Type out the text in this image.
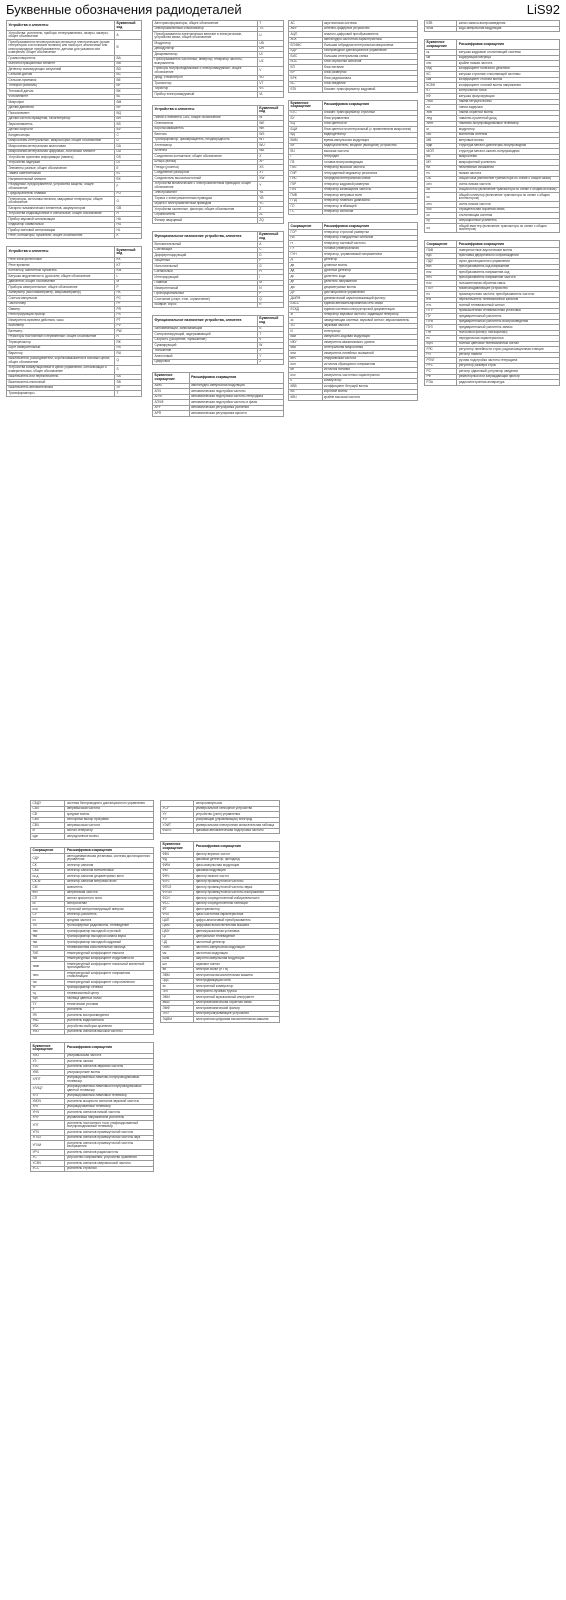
Буквенные обозначения радиодеталей	LiS92
Устройства и элементы	Буквенный код
Устройства: усилители, приборы телеуправления, лазеры, мазеры; общее обозначение	A
Преобразователи неэлектрических величин в электрические (кроме генераторов и источников питания) или наоборот, аналоговые или многоразрядные преобразователи, датчики для указания или измерения; общее обозначение	B
Громкоговоритель	BA
Магнитострикционный элемент	BB
Детектор ионизирующих излучений	BD
Сельсин-датчик	BC
Сельсин-приемник	BE
Телефон (капсюль)	BF
Тепловой датчик	BK
Фотоэлемент	BL
Микрофон	BM
Датчик давления	BP
Пьезоэлемент	BQ
Датчик частоты вращения, тахогенератор	BR
Звукосниматель	BS
Датчик скорости	BV
Конденсаторы	C
Микросхемы интегральные, микросборки; общее обозначение	D
Микросхема интегральная аналоговая	DA
Микросхема интегральная цифровая, логический элемент	DD
Устройство хранения информации (память)	DS
Устройство задержки	DT
Элементы разные; общее обозначение	E
Лампа осветительная	EL
Нагревательный элемент	EK
Разрядники, предохранители, устройства защиты; общее обозначение	F
Предохранитель плавкий	FU
Генераторы, источники питания, кварцевые генераторы; общее обозначение	G
Батарея гальванических элементов, аккумуляторов	GB
Устройства индикационные и сигнальные; общее обозначение	H
Прибор звуковой сигнализации	HA
Индикатор символьный	HG
Прибор световой сигнализации	HL
Реле, контакторы, пускатели; общее обозначение	K
Устройства и элементы	Буквенный код
Реле электротепловое	KK
Реле времени	KT
Контактор, магнитный пускатель	KM
Катушки индуктивности, дроссели; общее обозначение	L
Двигатели; общее обозначение	M
Приборы измерительные; общее обозначение	P
Амперметр (миллиамперметр, микроамперметр)	PA
Счетчик импульсов	PC
Частотомер	PF
Омметр	PR
Регистрирующий прибор	PS
Измеритель времени действия, часы	PT
Вольтметр	PV
Ваттметр	PW
Резисторы постоянные и переменные; общее обозначение	R
Терморезистор	RK
Шунт измерительный	RS
Варистор	RU
Выключатели, разъединители, короткозамыкатели в силовых цепях; общее обозначение	Q
Устройства коммутационные в цепях управления, сигнализации и измерительных; общее обозначение	S
Выключатель или переключатель	SA
Выключатель кнопочный	SB
Выключатель автоматический	SF
Трансформаторы	T
Автотрансформаторы; общее обозначение	T
Электромагнитный стабилизатор	TS
Преобразователи электрических величин в электрические, устройства связи; общее обозначение	U
Модулятор	UB
Демодулятор	UR
Дискриминатор	UI
Преобразователь частотный, инвертор, генератор частоты, выпрямитель	UZ
Приборы полупроводниковые и электровакуумные; общее обозначение	V
Диод, стабилитрон	VD
Транзистор	VT
Тиристор	VS
Прибор электровакуумный	VL
Устройства и элементы	Буквенный код
Линии и элементы СВЧ; общее обозначение	W
Ответвитель	WE
Короткозамыкатель	WK
Вентиль	WS
Трансформатор, фазовращатель, неоднородность	WT
Аттенюатор	WU
Антенна	WA
Соединения контактные; общее обозначение	X
Штырь (вилка)	XP
Гнездо (розетка)	XS
Соединение разборное	XT
Соединитель высокочастотный	XW
Устройства механические с электромагнитным приводом; общее обозначение	Y
Электромагнит	YA
Тормоз с электромагнитным приводом	YB
Муфта с электромагнитным приводом	YC
Устройства оконечные, фильтры; общее обозначение	Z
Ограничитель	ZL
Фильтр кварцевый	ZQ
Функциональное назначение устройства, элемента	Буквенный код
Вспомогательный	A
Считающий	C
Дифференцирующий	D
Защитный	F
Испытательный	G
Сигнальный	H
Интегрирующий	I
Главный	M
Измерительный	N
Пропорциональный	P
Состояние (старт, стоп, ограничение)	Q
Возврат, сброс	R
Функциональное назначение устройства, элемента	Буквенный код
Запоминающий, записывающий	S
Синхронизирующий, задерживающий	T
Скорость (ускорение, торможение)	V
Суммирующий	W
Умножение	X
Аналоговый	Y
Цифровой	Z
Буквенное сокращение	Расшифровка сокращения
АИМ	амплитудно-импульсная модуляция
АПЧ	автоматическая подстройка частоты
АПЧГ	автоматическая подстройка частоты гетеродина
АПЧФ	автоматическая подстройка частоты и фазы
АРУ	автоматическая регулировка усиления
АРЯ	автоматическая регулировка яркости
АС	акустическая система
АФУ	антенно-фидерное устройство
АЦП	аналого-цифровой преобразователь
АЧХ	амплитудно-частотная характеристика
БГИМС	большая гибридная интегральная микросхема
БДУ	беспроводное дистанционное управление
БИС	большая интегральная схема
БОС	блок обработки сигналов
БП	блок питания
БР	блок развертки
БРК	блок радиоканала
БС	блок сведения
БТК	блокинг-трансформатор кадровый
Буквенное сокращение	Расшифровка сокращения
БТС	блокинг-трансформатор строчный
БУ	блок управления
БЦ	блок цветности
БЦИ	блок цветности интегральный (с применением микросхем)
ВД	видеодетектор
ВИМ	время-импульсная модуляция
ВУ	видеоусилитель; входное (выходное) устройство
ВЧ	высокая частота
Г	гетеродин
ГВ	головка воспроизводящая
ГВЧ	генератор высокой частоты
ГИР	гетеродинный индикатор резонанса
ГИС	гибридная интегральная схема
ГКР	генератор кадровой развертки
ГКЧ	генератор качающейся частоты
ГМВ	генератор метровых волн
ГПД	генератор плавного диапазона
ГО	генератор огибающей
ГС	генератор сигналов
Сокращение	Расшифровка сокращения
ГСР	генератор строчной развертки
гсс	генератор стандартных сигналов
гт	генератор тактовой частоты
ГУ	головка универсальная
ГУН	генератор, управляемый напряжением
Д	детектор
дв	длинные волны
дд	дробный детектор
дк	делитель кода
дн	делитель напряжения
дм	дециметровые волны
ДУ	дистанционное управление
ДШПФ	динамический шумопонижающий фильтр
ЕАСС	единая автоматизированная сеть связи
ЕСКД	единая система конструкторской документации
зг	генератор звуковой частоты; задающий генератор
зс	замедляющая система; звуковой сигнал; звукосниматель
ЗЧ	звуковая частота
И	интегратор
икм	импульсно-кодовая модуляция
ИКУ	измеритель квазипикового уровня
имс	интегральная микросхема
ини	измеритель линейных искажений
инч	инфранизкая частота
ион	источник образцового напряжения
ип	источник питания
ичх	измеритель частотных характеристик
к	коммутатор
КВВ	коэффициент бегущей волны
КВ	короткие волны
КВЧ	крайне высокая частота
КЗВ	канал записи-воспроизведения
КИМ	кодо-импульсная модуляция
Буквенное сокращение	Расшифровка сокращения
кк	катушки кадровые отклоняющей системы
км	кодирующая матрица
кнч	крайне низкая частота
кпд	коэффициент полезного действия
КС	катушки строчные отклоняющей системы
ксв	коэффициент стоячей волны
КСВН	коэффициент стоячей волны напряжения
КТ	контрольная точка
КФ	катушка фокусирующая
ЛБВ	лампа бегущей волны
лз	линия задержки
лов	лампа обратной волны
лпд	лавинно-пролетный диод
лппт	лампово-полупроводниковый телевизор
м	модулятор
MA	магнитная антенна
MB	метровые волны
мдп	структура металл-диэлектрик-полупроводник
МОП	структура металл-окисел-полупроводник
мс	микросхема
МУ	микрофонный усилитель
ни	нелинейные искажения
нч	низкая частота
ОБ	общая база (включение транзистора по схеме с общей базой)
онч	очень низкая частота
ои	общий исток (включение транзистора по схеме с общим истоком)
ок	общий коллектор (включение транзистора по схеме с общим коллектором)
онч	очень низкая частота
оос	отрицательная обратная связь
ос	отклоняющая система
оу	операционный усилитель
оэ	общий эмиттер (включение транзистора по схеме с общим эмиттером)
Сокращение	Расшифровка сокращения
ПАВ	поверхностные акустические волны
пдс	приставка двухречевого сопровождения
ПДУ	пульт дистанционного управления
пкн	преобразователь код-напряжение
пнк	преобразователь напряжение-код
пнч	преобразователь напряжение частота
пос	положительная обратная связь
ППУ	помехоподавляющее устройство
пч	промежуточная частота; преобразователь частоты
птк	переключатель телевизионных каналов
птс	полный телевизионный сигнал
ПТУ	промышленная телевизионная установка
ПУ	предварительный усилитель
ПУВ	предварительный усилитель воспроизведения
ПУЗ	предварительный усилитель записи
ПФ	полосовой фильтр; пьезофильтр
пх	передаточная характеристика
пцтс	полный цветовой телевизионный сигнал
РЛС	регулятор линейности строк; радиолокационная станция
РП	регистр памяти
РПЧГ	ручная подстройка частоты гетеродина
РРС	регулятор размера строк
PC	регистр сдвиговый; регулятор сведения
РФ	режекторный или заграждающий фильтр
РЭА	радиоэлектронная аппаратура
СБДУ	система беспроводного дистанционного управления
СВЧ	сверхвысокая частота
СВ	средние волны
СВП	сенсорный выбор программ
СВЧ	сверхвысокая частота
сг	сигнал-генератор
сдв	сверхдлинные волны
Сокращение	Расшифровка сокращения
СДУ	светодинамическая установка, система дистанционного управления
СК	селектор каналов
СКВ	селектор каналов всеволновый
ск-д	селектор каналов дециметровых волн
СК-М	селектор каналов метровых волн
СМ	смеситель
енч	сверхнизкая частота
СП	сигнал яркостного поля
сс	синхросигнал
сси	строчный синхронизирующий импульс
СУ	селектор-усилитель
сч	средняя частота
ТВ	тропосферные радиоволны, телевидение
тви	трансформатор выходной строчный
твз	трансформатор выходной канала звука
твк	трансформатор выходной кадровый
ТИТ	телевизионная испытательная таблица
ТКЕ	температурный коэффициент емкости
тки	температурный коэффициент индуктивности
ткмп	температурный коэффициент начальной магнитной проницаемости
ткнс	температурный коэффициент напряжения стабилизации
ткс	температурный коэффициент сопротивления
тс	трансформатор сетевой
тц	телевизионный центр
тцп	таблица цветных полос
ТУ	технические условия
У	усилитель
УВ	усилитель воспроизведения
УВС	усилитель видеосигнала
УВХ	устройство выборки-хранения
УВЧ	усилитель сигналов высокой частоты
Буквенное сокращение	Расшифровка сокращения
УВЧ	ультравысокая частота
УЗ	усилитель записи
УЗЧ	усилитель сигналов звуковой частоты
УКВ	ультракороткие волны
УЛПТ	унифицированный лампово-полупроводниковый телевизор
УЛЛЦТ	унифицированный ламповый полупроводниковый цветной телевизор
УЛТ	унифицированный ламповый телевизор
УМЗЧ	усилитель мощности сигналов звуковой частоты
УНТ	унифицированный телевизор
УНЧ	усилитель сигналов низкой частоты
УНУ	управляемый напряжением усилитель
УПТ	усилитель постоянного тока; унифицированный полупроводниковый телевизор
УПЧ	усилитель сигналов промежуточной частоты
УПЧЗ	усилитель сигналов промежуточной частоты звук
УПЧИ	усилитель сигналов промежуточной частоты изображения
УРЧ	усилитель сигналов радиочастоты
УС	устройство сопряжения; устройство сравнения
УСВЧ	усилитель сигналов сверхвысокой частоты
УСС	усилитель строчных
	синхроимпульсов
УСУ	универсальное сенсорное устройство
УУ	устройство (узел) управления
УЭ	ускоряющий (управляющий) электрод
УЭИТ	универсальная электронная испытательная таблица
ФАПЧ	фазовая автоматическая подстройка частоты
Буквенное сокращение	Расшифровка сокращения
ФВЧ	фильтр верхних частот
ФД	фазовый детектор; фотодиод
ФИМ	фазо-импульсная модуляция
ФМ	фазовая модуляция
ФНЧ	фильтр нижних частот
ФПЧ	фильтр промежуточной частоты
ФПЧЗ	фильтр промежуточной частоты звука
ФПЧИ	фильтр промежуточной частоты изображения
ФСИ	фильтр сосредоточенной избирательности
ФСС	фильтр сосредоточенной селекции
ФТ	фототранзистор
ФЧХ	фазо-частотная характеристика
ЦАП	цифро-аналоговый преобразователь
ЦВМ	цифровая вычислительная машина
ЦМУ	цветомузыкальная установка
ЦТ	центральное телевидение
ЧД	частотный детектор
ЧИМ	частотно-импульсная модуляция
чм	частотная модуляция
шим	широтно-импульсная модуляция
шн	шумовое сигнал
эв	электрон-вольт (e • В)
ЭВМ	электронная вычислительная машина
ЭДС	электродвижущая сила
эк	электронный коммутатор
ЭЛТ	электронно-лучевая трубка
ЭМИ	электронный музыкальный инструмент
эмос	электромеханическая обратная связь
ЭМФ	электромеханический фильтр
ЭПУ	электропроигрывающее устройство
ЭЦВМ	электронная цифровая вычислительная машина
